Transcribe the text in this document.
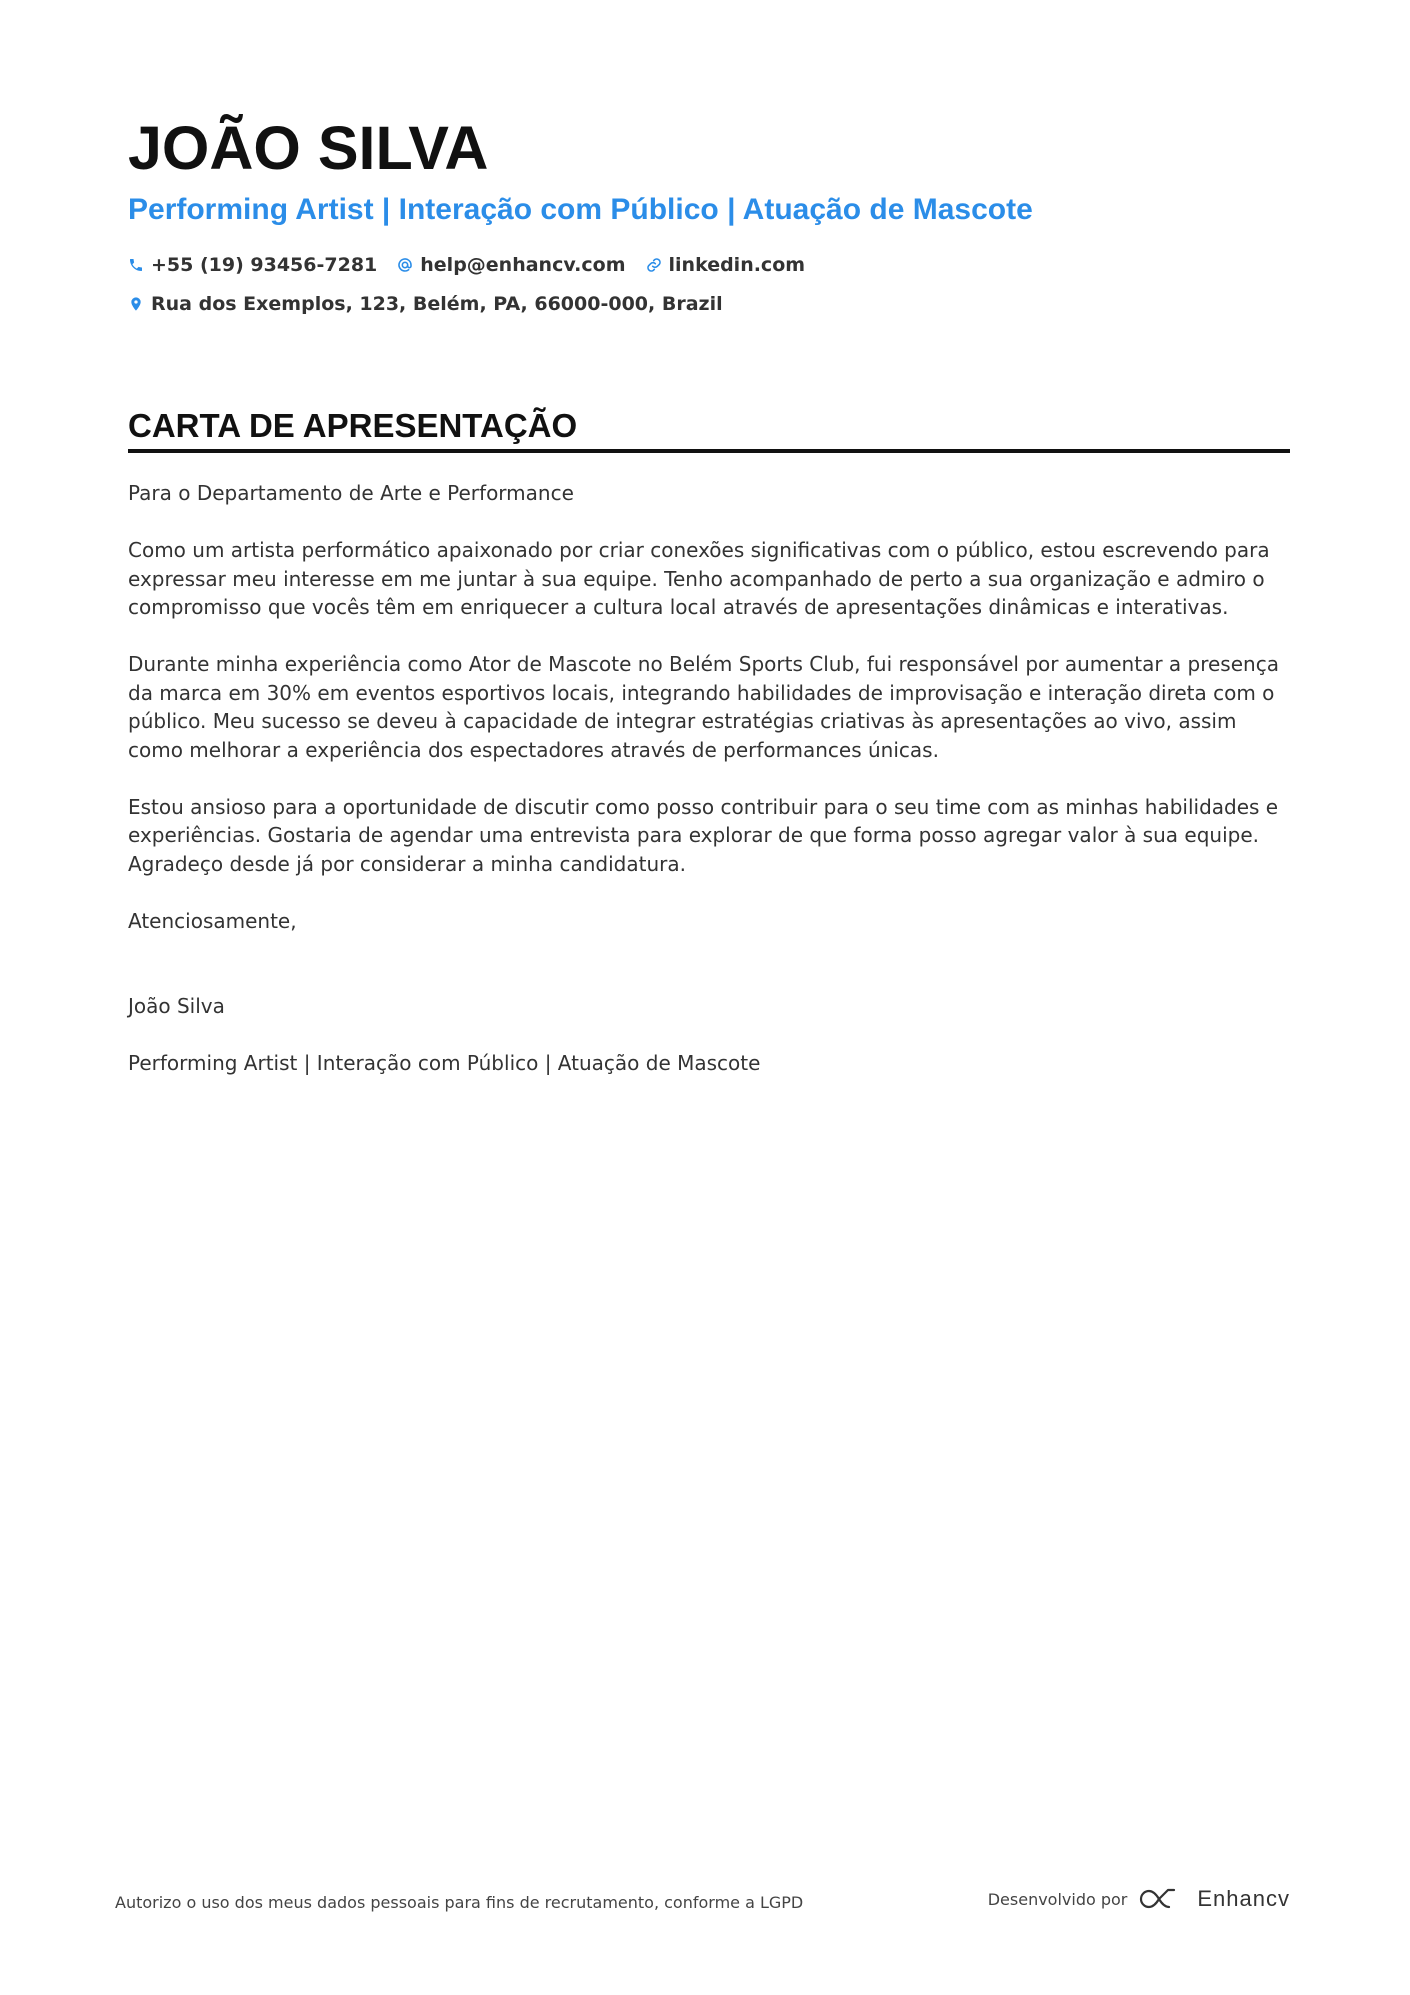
JOÃO SILVA
Performing Artist | Interação com Público | Atuação de Mascote
+55 (19) 93456-7281 help@enhancv.com linkedin.com
Rua dos Exemplos, 123, Belém, PA, 66000-000, Brazil
CARTA DE APRESENTAÇÃO

Para o Departamento de Arte e Performance

Como um artista performático apaixonado por criar conexões significativas com o público, estou escrevendo para expressar meu interesse em me juntar à sua equipe. Tenho acompanhado de perto a sua organização e admiro o compromisso que vocês têm em enriquecer a cultura local através de apresentações dinâmicas e interativas.

Durante minha experiência como Ator de Mascote no Belém Sports Club, fui responsável por aumentar a presença da marca em 30% em eventos esportivos locais, integrando habilidades de improvisação e interação direta com o público. Meu sucesso se deveu à capacidade de integrar estratégias criativas às apresentações ao vivo, assim como melhorar a experiência dos espectadores através de performances únicas.

Estou ansioso para a oportunidade de discutir como posso contribuir para o seu time com as minhas habilidades e experiências. Gostaria de agendar uma entrevista para explorar de que forma posso agregar valor à sua equipe. Agradeço desde já por considerar a minha candidatura.

Atenciosamente,

João Silva

Performing Artist | Interação com Público | Atuação de Mascote

Autorizo o uso dos meus dados pessoais para fins de recrutamento, conforme a LGPD	Desenvolvido por	Enhancv
